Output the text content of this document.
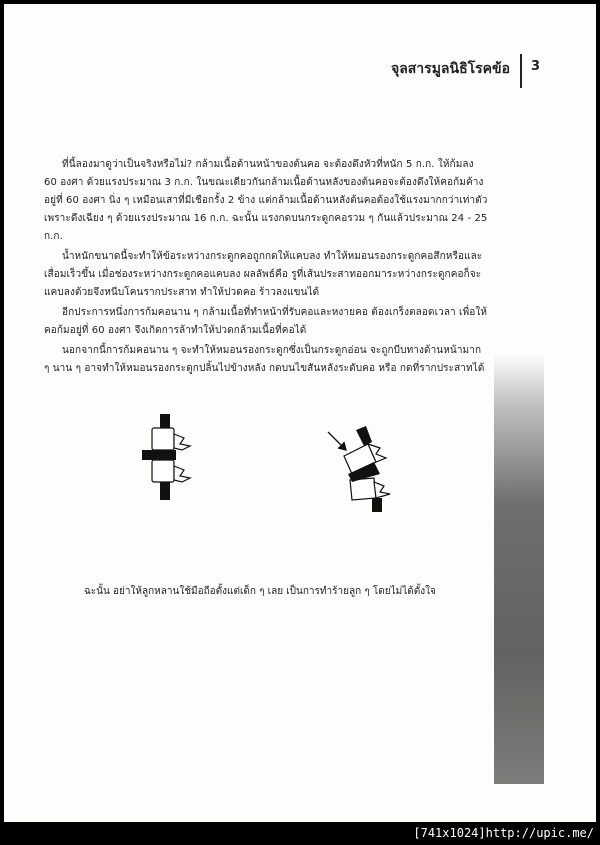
จุลสารมูลนิธิโรคข้อ 3

ที่นี้ลองมาดูว่าเป็นจริงหรือไม่? กล้ามเนื้อด้านหน้าของต้นคอ จะต้องดึงหัวที่หนัก 5 ก.ก. ให้ก้มลง 60 องศา ด้วยแรงประมาณ 3 ก.ก. ในขณะเดียวกันกล้ามเนื้อด้านหลังของต้นคอจะต้องดึงให้คอก้มค้างอยู่ที่ 60 องศา นิ่ง ๆ เหมือนเสาที่มีเชือกรั้ง 2 ข้าง แต่กล้ามเนื้อด้านหลังต้นคอต้องใช้แรงมากกว่าเท่าตัว เพราะดึงเฉียง ๆ ด้วยแรงประมาณ 16 ก.ก. ฉะนั้น แรงกดบนกระดูกคอรวม ๆ กันแล้วประมาณ 24 - 25 ก.ก.

น้ำหนักขนาดนี้จะทำให้ข้อระหว่างกระดูกคอถูกกดให้แคบลง ทำให้หมอนรองกระดูกคอสึกหรือและเสื่อมเร็วขึ้น เมื่อช่องระหว่างกระดูกคอแคบลง ผลลัพธ์คือ รูที่เส้นประสาทออกมาระหว่างกระดูกคอก็จะแคบลงด้วยจึงหนีบโคนรากประสาท ทำให้ปวดคอ ร้าวลงแขนได้

อีกประการหนึ่งการก้มคอนาน ๆ กล้ามเนื้อที่ทำหน้าที่รับคอและหงายคอ ต้องเกร็งตลอดเวลา เพื่อให้คอก้มอยู่ที่ 60 องศา จึงเกิดการล้าทำให้ปวดกล้ามเนื้อที่คอได้

นอกจากนี้การก้มคอนาน ๆ จะทำให้หมอนรองกระดูกซึ่งเป็นกระดูกอ่อน จะถูกบีบทางด้านหน้ามาก ๆ นาน ๆ อาจทำให้หมอนรองกระดูกปลิ้นไปข้างหลัง กดบนไขสันหลังระดับคอ หรือ กดที่รากประสาทได้

ฉะนั้น อย่าให้ลูกหลานใช้มือถือตั้งแต่เด็ก ๆ เลย เป็นการทำร้ายลูก ๆ โดยไม่ได้ตั้งใจ
[741x1024]http://upic.me/
